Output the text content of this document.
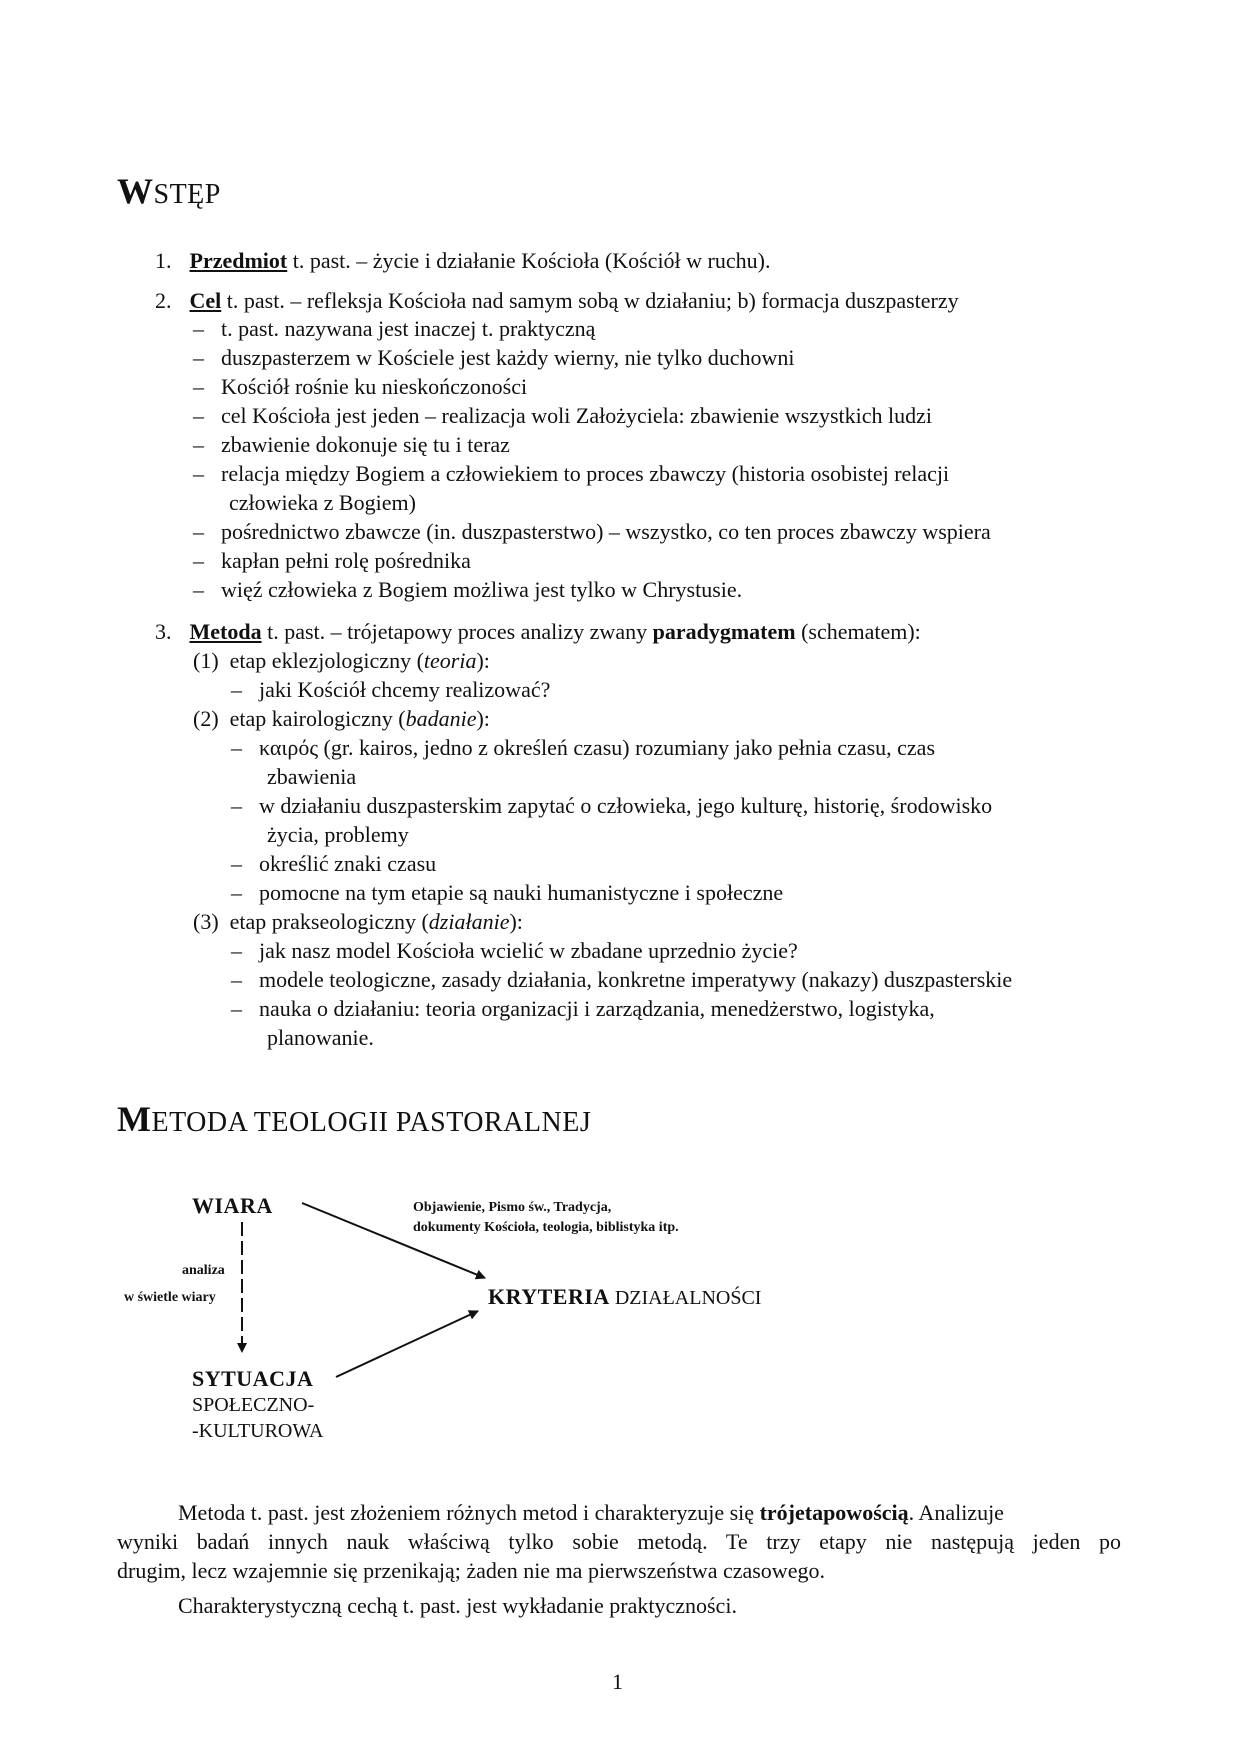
WSTĘP
1. Przedmiot t. past. – życie i działanie Kościoła (Kościół w ruchu).
2. Cel t. past. – refleksja Kościoła nad samym sobą w działaniu; b) formacja duszpasterzy
– t. past. nazywana jest inaczej t. praktyczną
– duszpasterzem w Kościele jest każdy wierny, nie tylko duchowni
– Kościół rośnie ku nieskończoności
– cel Kościoła jest jeden – realizacja woli Założyciela: zbawienie wszystkich ludzi
– zbawienie dokonuje się tu i teraz
– relacja między Bogiem a człowiekiem to proces zbawczy (historia osobistej relacji
człowieka z Bogiem)
– pośrednictwo zbawcze (in. duszpasterstwo) – wszystko, co ten proces zbawczy wspiera
– kapłan pełni rolę pośrednika
– więź człowieka z Bogiem możliwa jest tylko w Chrystusie.
3. Metoda t. past. – trójetapowy proces analizy zwany paradygmatem (schematem):
(1) etap eklezjologiczny (teoria):
– jaki Kościół chcemy realizować?
(2) etap kairologiczny (badanie):
– καιρός (gr. kairos, jedno z określeń czasu) rozumiany jako pełnia czasu, czas
zbawienia
– w działaniu duszpasterskim zapytać o człowieka, jego kulturę, historię, środowisko
życia, problemy
– określić znaki czasu
– pomocne na tym etapie są nauki humanistyczne i społeczne
(3) etap prakseologiczny (działanie):
– jak nasz model Kościoła wcielić w zbadane uprzednio życie?
– modele teologiczne, zasady działania, konkretne imperatywy (nakazy) duszpasterskie
– nauka o działaniu: teoria organizacji i zarządzania, menedżerstwo, logistyka,
planowanie.
METODA TEOLOGII PASTORALNEJ
WIARA	Objawienie, Pismo św., Tradycja,
dokumenty Kościoła, teologia, biblistyka itp.
analiza
w świetle wiary	KRYTERIA DZIAŁALNOŚCI
SYTUACJA
SPOŁECZNO-
-KULTUROWA
Metoda t. past. jest złożeniem różnych metod i charakteryzuje się trójetapowością. Analizuje
wyniki badań innych nauk właściwą tylko sobie metodą. Te trzy etapy nie następują jeden po
drugim, lecz wzajemnie się przenikają; żaden nie ma pierwszeństwa czasowego.
Charakterystyczną cechą t. past. jest wykładanie praktyczności.
1
